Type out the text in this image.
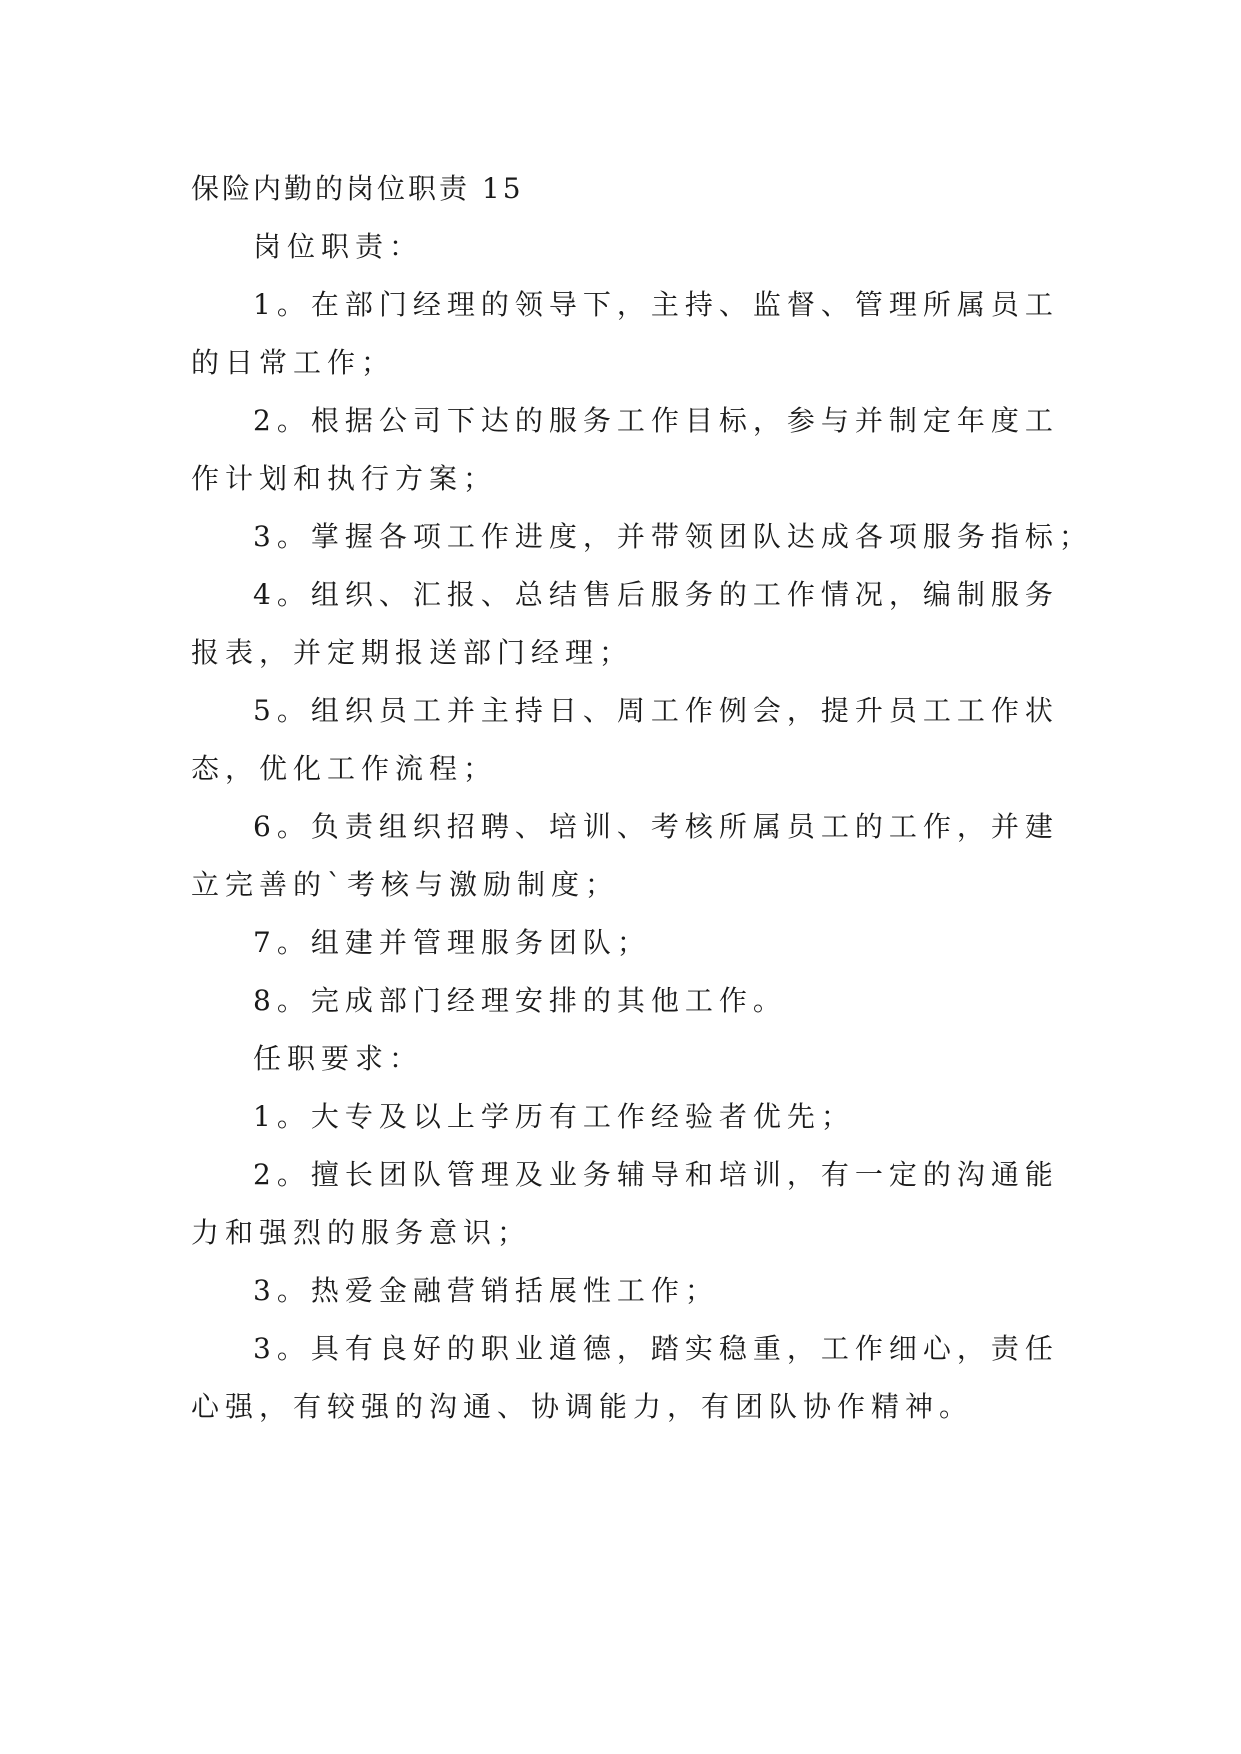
保险内勤的岗位职责 15

岗位职责：

1。在部门经理的领导下，主持、监督、管理所属员工

的日常工作；

2。根据公司下达的服务工作目标，参与并制定年度工

作计划和执行方案；

3。掌握各项工作进度，并带领团队达成各项服务指标；

4。组织、汇报、总结售后服务的工作情况，编制服务

报表，并定期报送部门经理；

5。组织员工并主持日、周工作例会，提升员工工作状

态，优化工作流程；

6。负责组织招聘、培训、考核所属员工的工作，并建

立完善的`考核与激励制度；

7。组建并管理服务团队；

8。完成部门经理安排的其他工作。

任职要求：

1。大专及以上学历有工作经验者优先；

2。擅长团队管理及业务辅导和培训，有一定的沟通能

力和强烈的服务意识；

3。热爱金融营销括展性工作；

3。具有良好的职业道德，踏实稳重，工作细心，责任

心强，有较强的沟通、协调能力，有团队协作精神。
